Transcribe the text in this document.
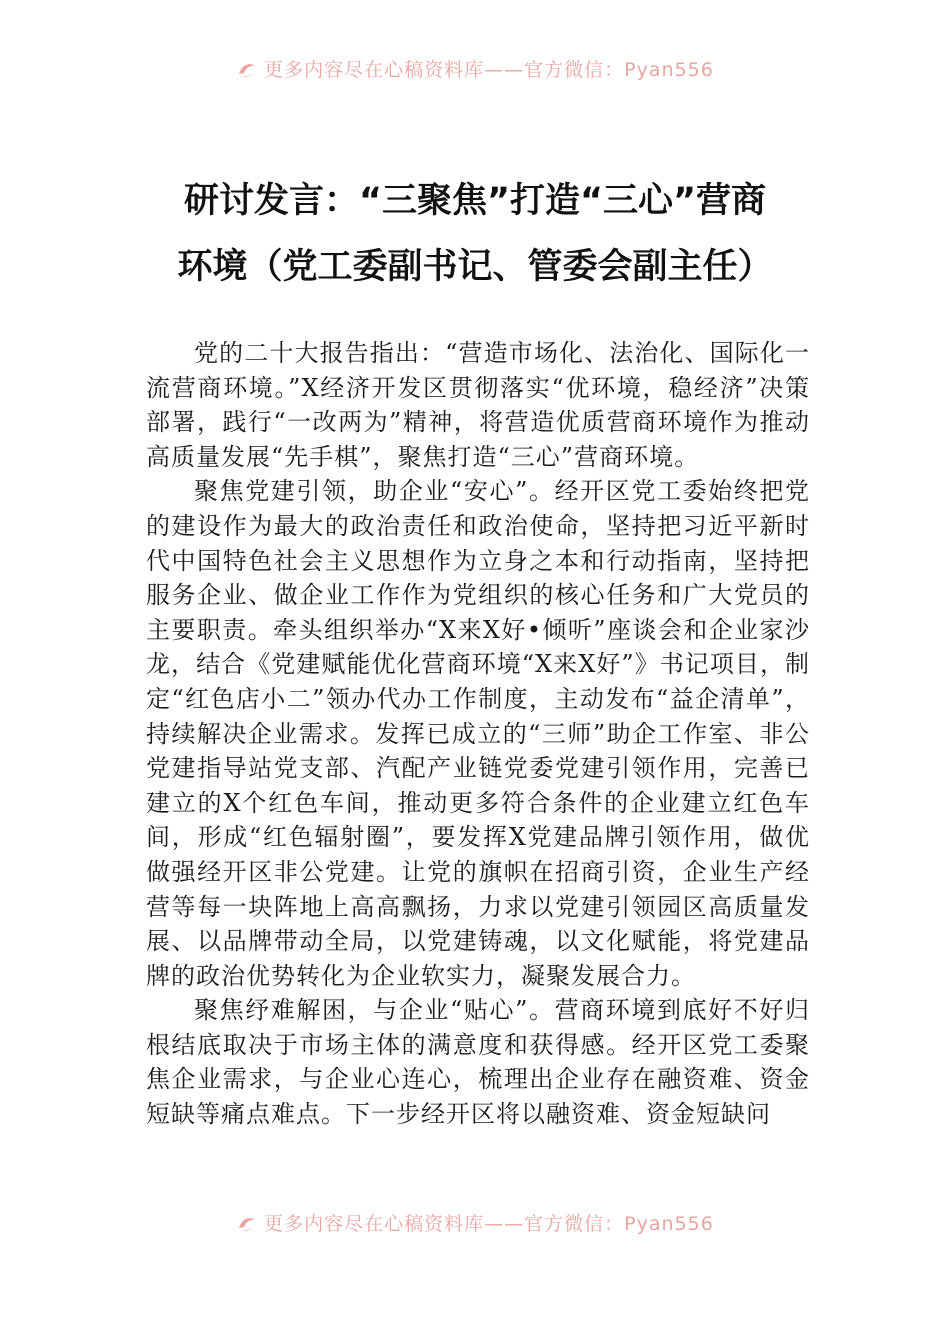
更多内容尽在心稿资料库——官方微信：Pyan556
研讨发言：“三聚焦”打造“三心”营商
环境（党工委副书记、管委会副主任）

党的二十大报告指出：“营造市场化、法治化、国际化一流营商环境。”X经济开发区贯彻落实“优环境，稳经济”决策部署，践行“一改两为”精神，将营造优质营商环境作为推动高质量发展“先手棋”，聚焦打造“三心”营商环境。

聚焦党建引领，助企业“安心”。经开区党工委始终把党的建设作为最大的政治责任和政治使命，坚持把习近平新时代中国特色社会主义思想作为立身之本和行动指南，坚持把服务企业、做企业工作作为党组织的核心任务和广大党员的主要职责。牵头组织举办“X来X好•倾听”座谈会和企业家沙龙，结合《党建赋能优化营商环境“X来X好”》书记项目，制定“红色店小二”领办代办工作制度，主动发布“益企清单”，持续解决企业需求。发挥已成立的“三师”助企工作室、非公党建指导站党支部、汽配产业链党委党建引领作用，完善已建立的X个红色车间，推动更多符合条件的企业建立红色车间，形成“红色辐射圈”，要发挥X党建品牌引领作用，做优做强经开区非公党建。让党的旗帜在招商引资，企业生产经营等每一块阵地上高高飘扬，力求以党建引领园区高质量发展、以品牌带动全局，以党建铸魂，以文化赋能，将党建品牌的政治优势转化为企业软实力，凝聚发展合力。

聚焦纾难解困，与企业“贴心”。营商环境到底好不好归根结底取决于市场主体的满意度和获得感。经开区党工委聚焦企业需求，与企业心连心，梳理出企业存在融资难、资金短缺等痛点难点。下一步经开区将以融资难、资金短缺问

更多内容尽在心稿资料库——官方微信：Pyan556
